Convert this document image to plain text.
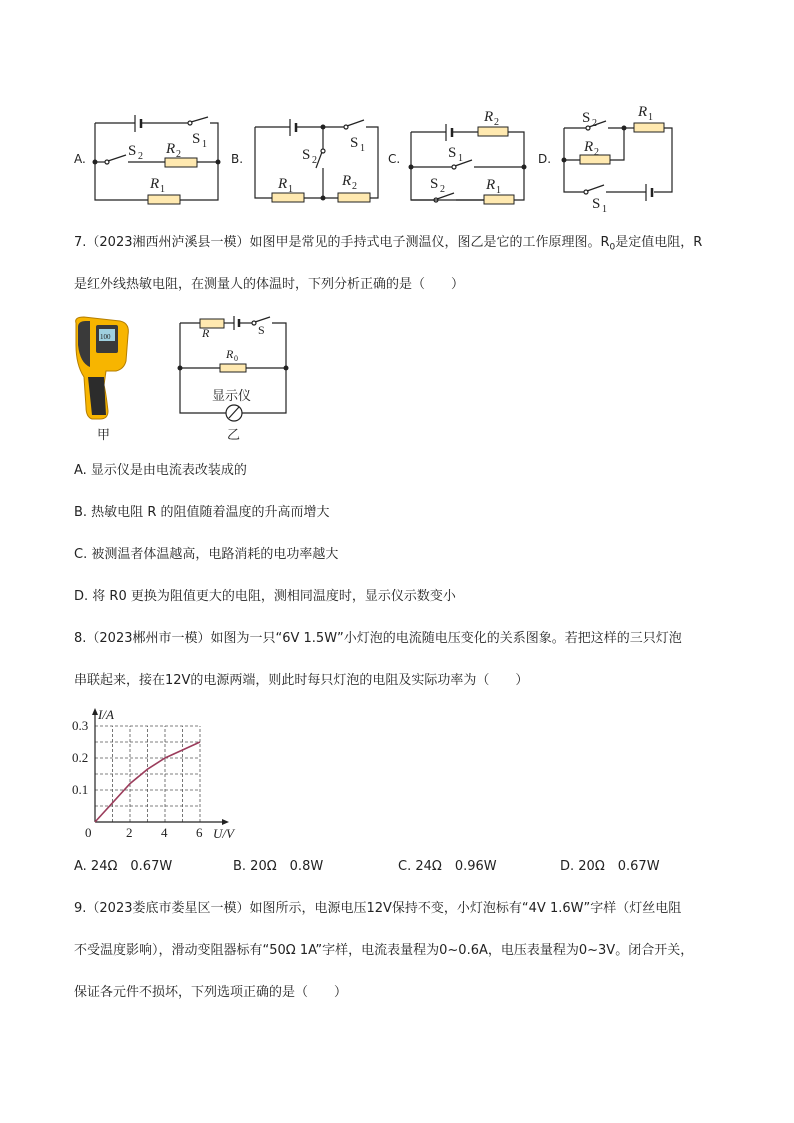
A.
S 1
S 2 R 2
R 1
B.
S 1
S 2
R 1
R 2
C.
R 2
S 1
S 2	R 1
D.
S 2
R 1
R 2
S 1
7.（2023湘西州泸溪县一模）如图甲是常见的手持式电子测温仪，图乙是它的工作原理图。$R_0$是定值电阻，R
是红外线热敏电阻，在测量人的体温时，下列分析正确的是（　　）
100
甲
R	S
R 0
显示仪
乙
A. 显示仪是由电流表改装成的
B. 热敏电阻 R 的阻值随着温度的升高而增大
C. 被测温者体温越高，电路消耗的电功率越大
D. 将 R0 更换为阻值更大的电阻，测相同温度时，显示仪示数变小
8.（2023郴州市一模）如图为一只“6V 1.5W”小灯泡的电流随电压变化的关系图象。若把这样的三只灯泡
串联起来，接在12V的电源两端，则此时每只灯泡的电阻及实际功率为（　　）
0	2 4 6
0.1
0.2
0.3
U/V
I/A
A. 24Ω　0.67W	B. 20Ω　0.8W	C. 24Ω　0.96W	D. 20Ω　0.67W
9.（2023娄底市娄星区一模）如图所示，电源电压12V保持不变，小灯泡标有“4V 1.6W”字样（灯丝电阻
不受温度影响），滑动变阻器标有“50Ω 1A”字样，电流表量程为0~0.6A，电压表量程为0~3V。闭合开关，
保证各元件不损坏，下列选项正确的是（　　）
